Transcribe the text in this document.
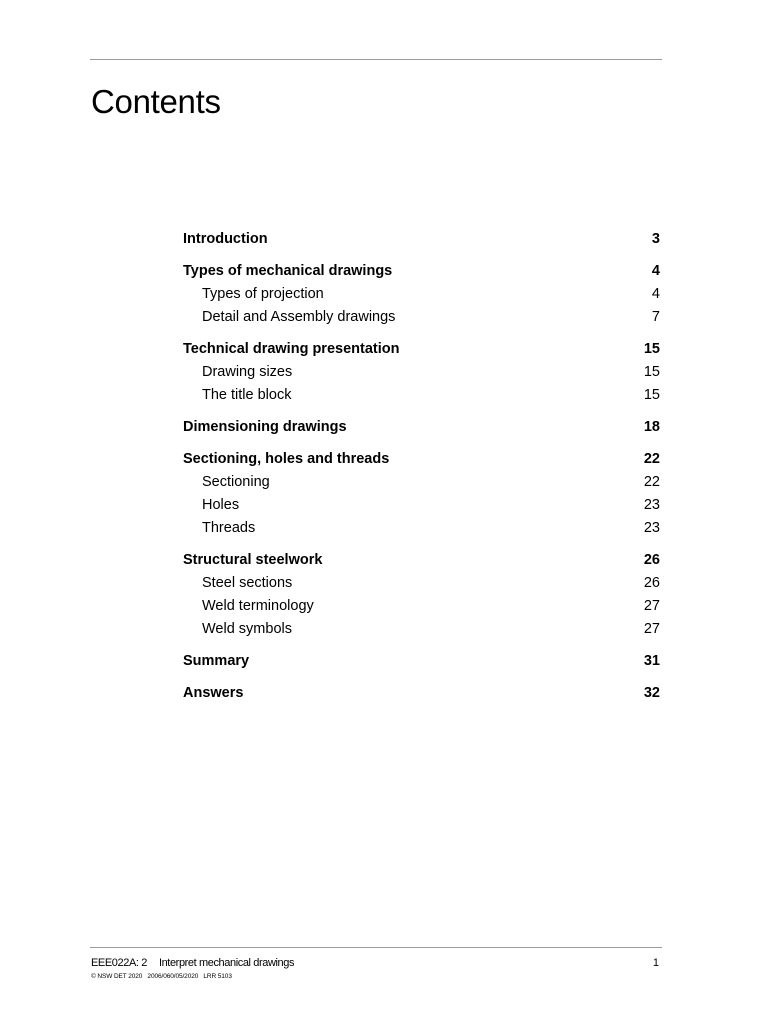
Contents
Introduction	3
Types of mechanical drawings	4
Types of projection	4
Detail and Assembly drawings	7
Technical drawing presentation	15
Drawing sizes	15
The title block	15
Dimensioning drawings	18
Sectioning, holes and threads	22
Sectioning	22
Holes	23
Threads	23
Structural steelwork	26
Steel sections	26
Weld terminology	27
Weld symbols	27
Summary	31
Answers	32
EEE022A: 2 Interpret mechanical drawings	1
© NSW DET 2020   2006/060/05/2020   LRR 5103
